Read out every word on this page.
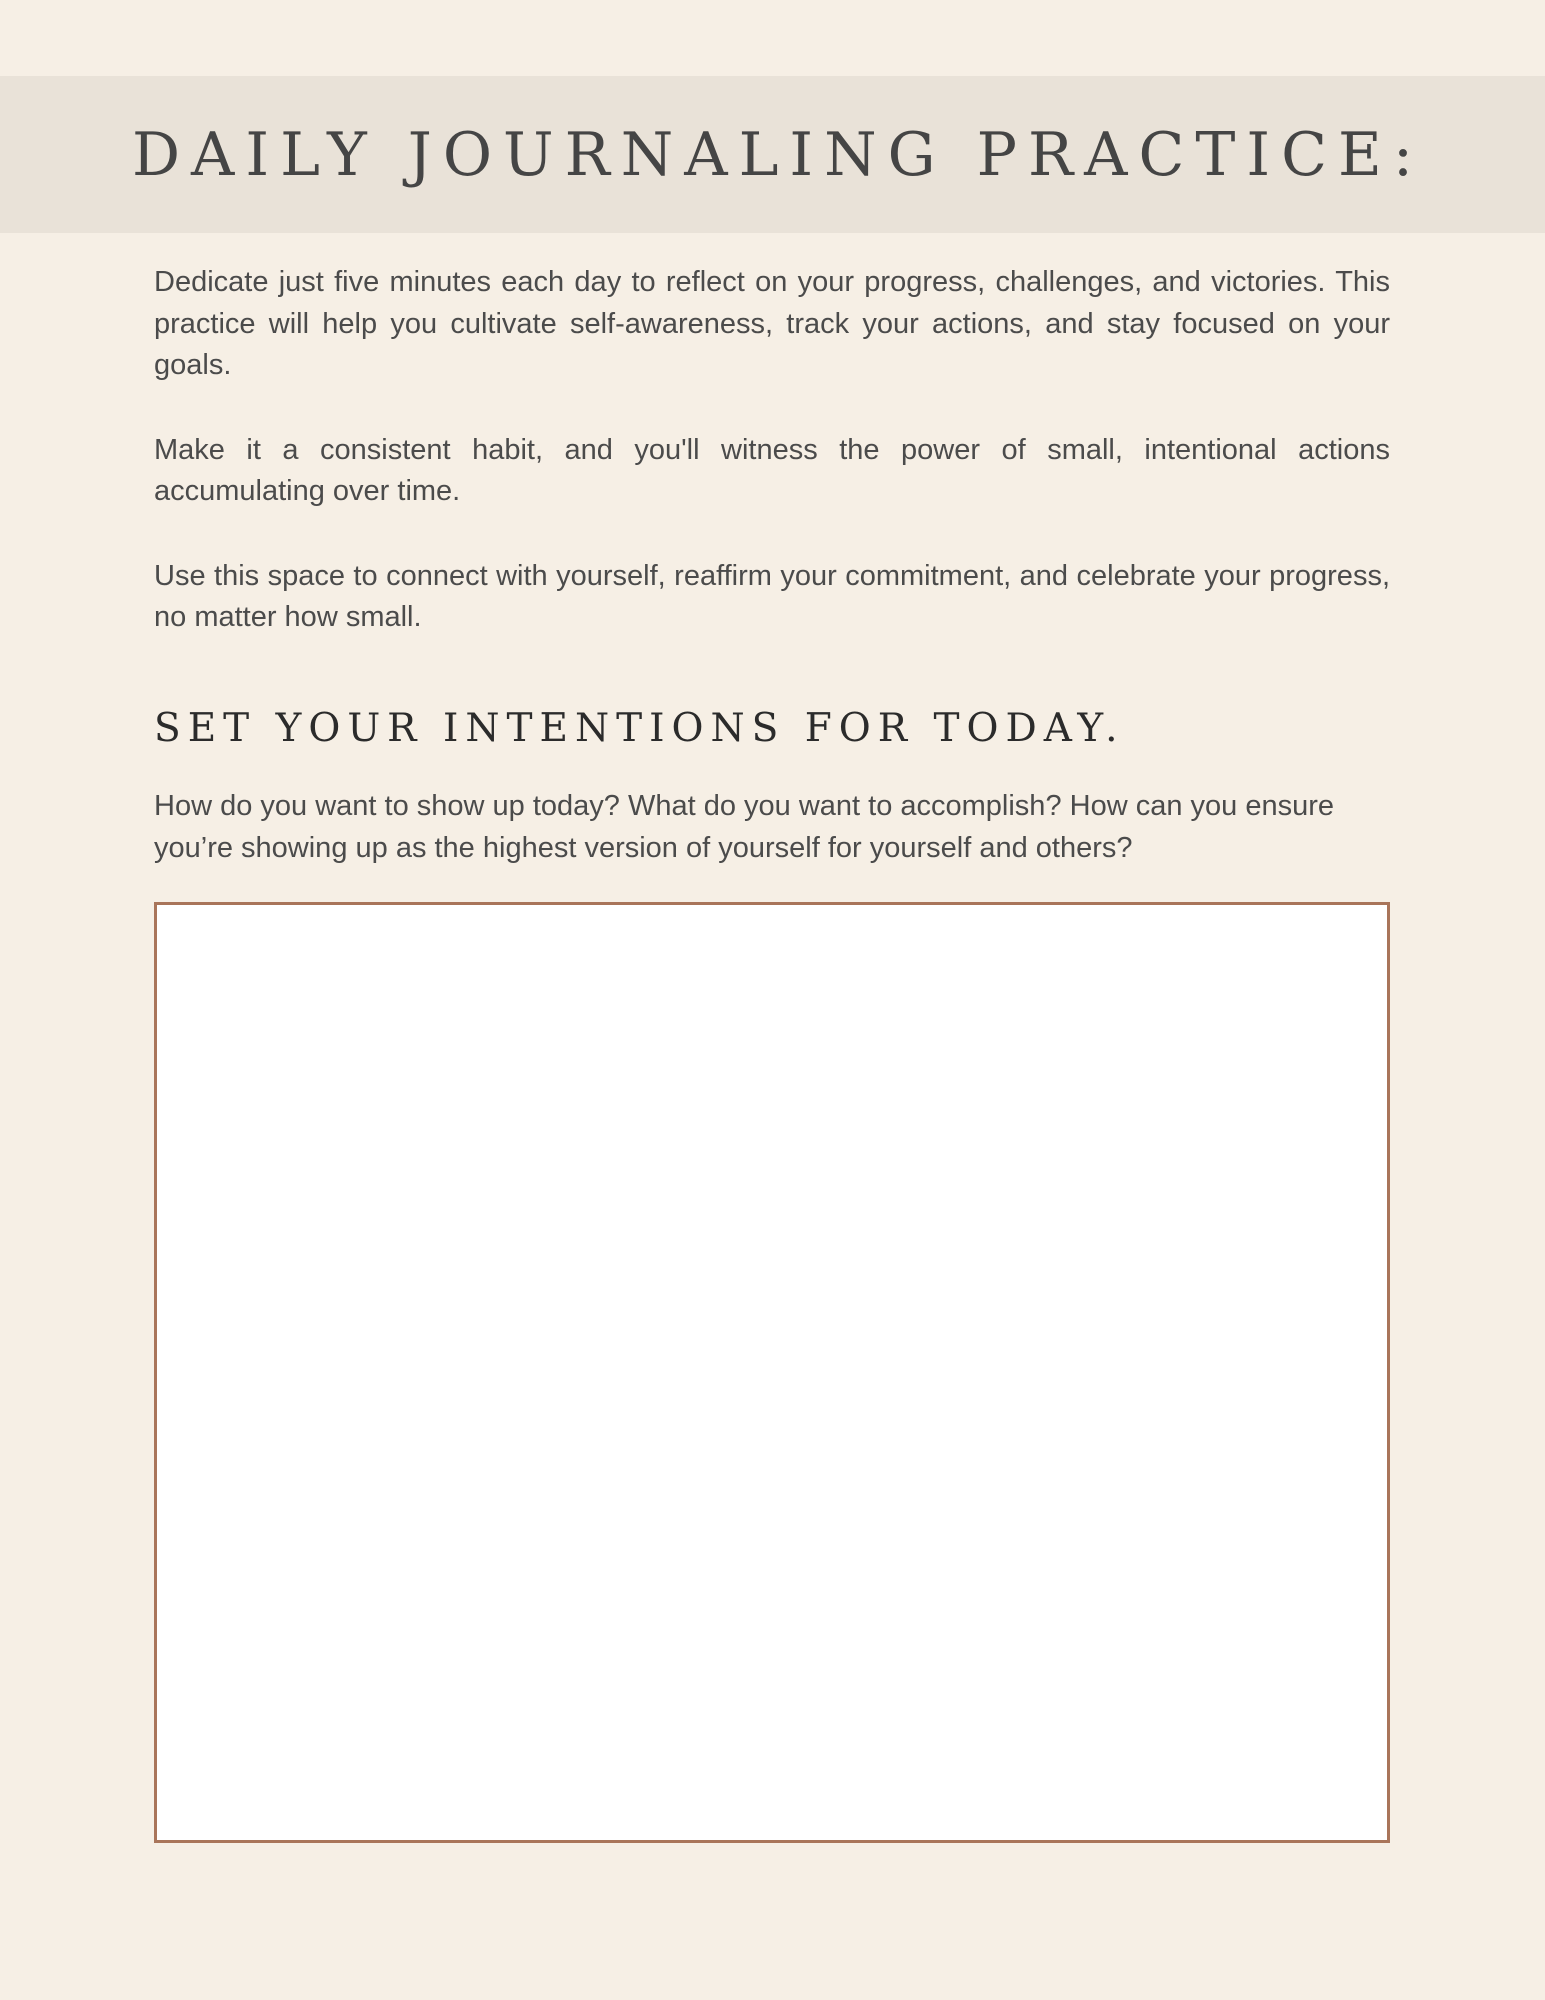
DAILY JOURNALING PRACTICE:

Dedicate just five minutes each day to reflect on your progress, challenges, and victories. This practice will help you cultivate self-awareness, track your actions, and stay focused on your goals.

Make it a consistent habit, and you'll witness the power of small, intentional actions accumulating over time.

Use this space to connect with yourself, reaffirm your commitment, and celebrate your progress, no matter how small.

SET YOUR INTENTIONS FOR TODAY.

How do you want to show up today? What do you want to accomplish? How can you ensure you’re showing up as the highest version of yourself for yourself and others?
